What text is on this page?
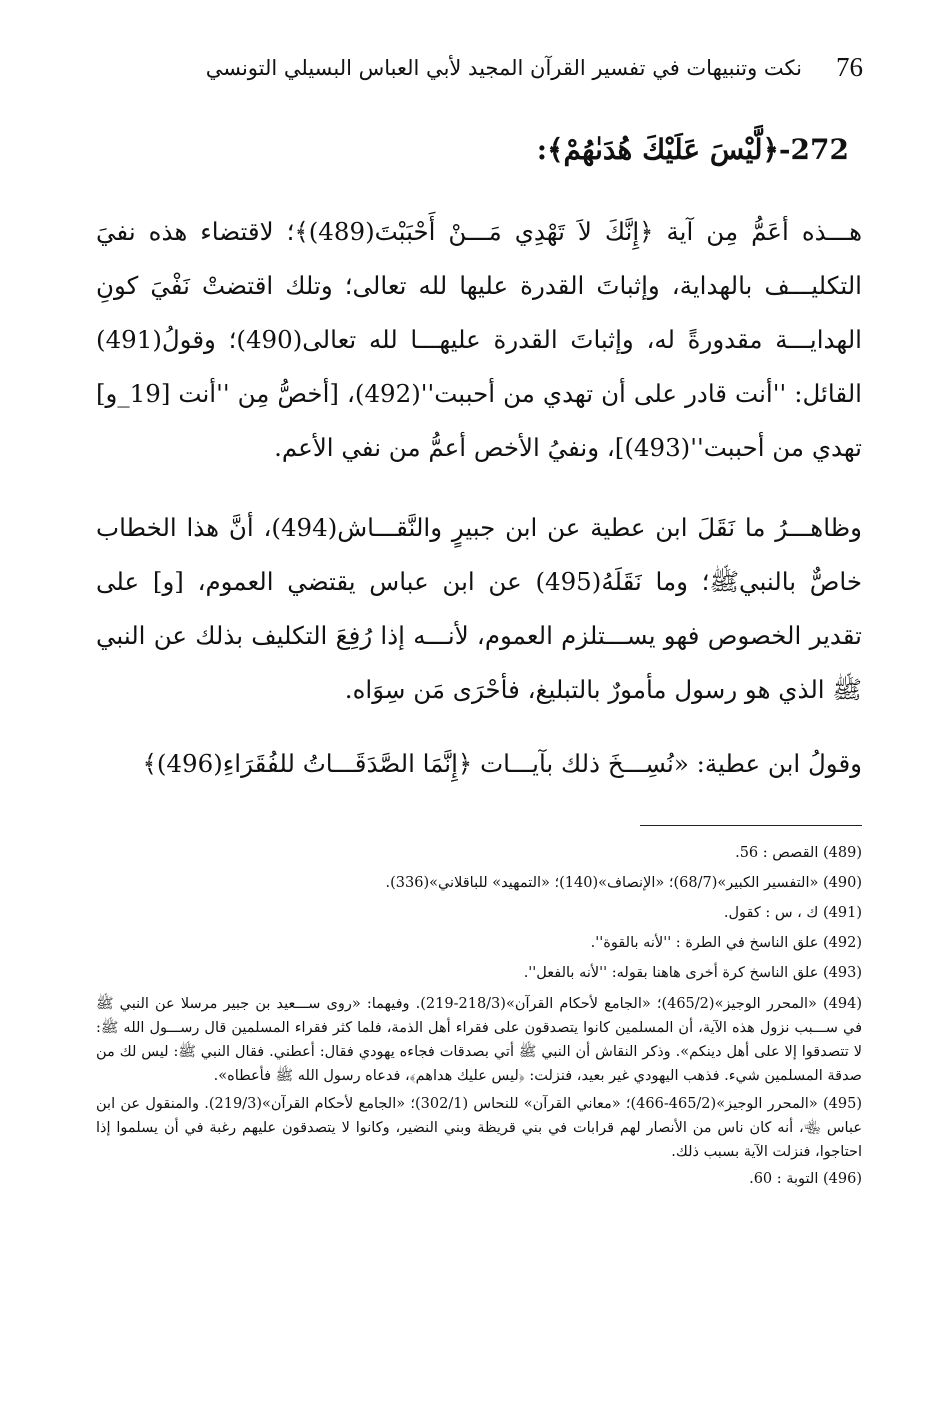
76
نكت وتنبيهات في تفسير القرآن المجيد لأبي العباس البسيلي التونسي
272-﴿لَّيْسَ عَلَيْكَ هُدَىٰهُمْ﴾:

هـــذه أعَمُّ مِن آية ﴿إِنَّكَ لاَ تَهْدِي مَـــنْ أَحْبَبْتَ(489)﴾؛ لاقتضاء هذه نفيَ التكليـــف بالهداية، وإثباتَ القدرة عليها لله تعالى؛ وتلك اقتضتْ نَفْيَ كونِ الهدايـــة مقدورةً له، وإثباتَ القدرة عليهـــا لله تعالى(490)؛ وقولُ(491) القائل: ''أنت قادر على أن تهدي من أحببت''(492)، [أخصُّ مِن ''أنت [19_و] تهدي من أحببت''(493)]، ونفيُ الأخص أعمُّ من نفي الأعم.

وظاهـــرُ ما نَقَلَ ابن عطية عن ابن جبيرٍ والنَّقـــاش(494)، أنَّ هذا الخطاب خاصٌّ بالنبيﷺ؛ وما نَقَلَهُ(495) عن ابن عباس يقتضي العموم، [و] على تقدير الخصوص فهو يســـتلزم العموم، لأنـــه إذا رُفِعَ التكليف بذلك عن النبي ﷺ الذي هو رسول مأمورٌ بالتبليغ، فأحْرَى مَن سِوَاه.

وقولُ ابن عطية: «نُسِـــخَ ذلك بآيـــات ﴿إِنَّمَا الصَّدَقَـــاتُ للفُقَرَاءِ(496)﴾

(489) القصص : 56.

(490) «التفسير الكبير»(68/7)؛ «الإنصاف»(140)؛ «التمهيد» للباقلاني»(336).

(491) ك ، س : كقول.

(492) علق الناسخ في الطرة : ''لأنه بالقوة''.

(493) علق الناسخ كرة أخرى هاهنا بقوله: ''لأنه بالفعل''.

(494) «المحرر الوجيز»(465/2)؛ «الجامع لأحكام القرآن»(218/3-219). وفيهما: «روى ســـعيد بن جبير مرسلا عن النبي ﷺ في ســـبب نزول هذه الآية، أن المسلمين كانوا يتصدقون على فقراء أهل الذمة، فلما كثر فقراء المسلمين قال رســـول الله ﷺ: لا تتصدقوا إلا على أهل دينكم». وذكر النقاش أن النبي ﷺ أتي بصدقات فجاءه يهودي فقال: أعطني. فقال النبي ﷺ: ليس لك من صدقة المسلمين شيء. فذهب اليهودي غير بعيد، فنزلت: ﴿ليس عليك هداهم﴾، فدعاه رسول الله ﷺ فأعطاه».

(495) «المحرر الوجيز»(465/2-466)؛ «معاني القرآن» للنحاس (302/1)؛ «الجامع لأحكام القرآن»(219/3). والمنقول عن ابن عباس ﵄، أنه كان ناس من الأنصار لهم قرابات في بني قريظة وبني النضير، وكانوا لا يتصدقون عليهم رغبة في أن يسلموا إذا احتاجوا، فنزلت الآية بسبب ذلك.

(496) التوبة : 60.
